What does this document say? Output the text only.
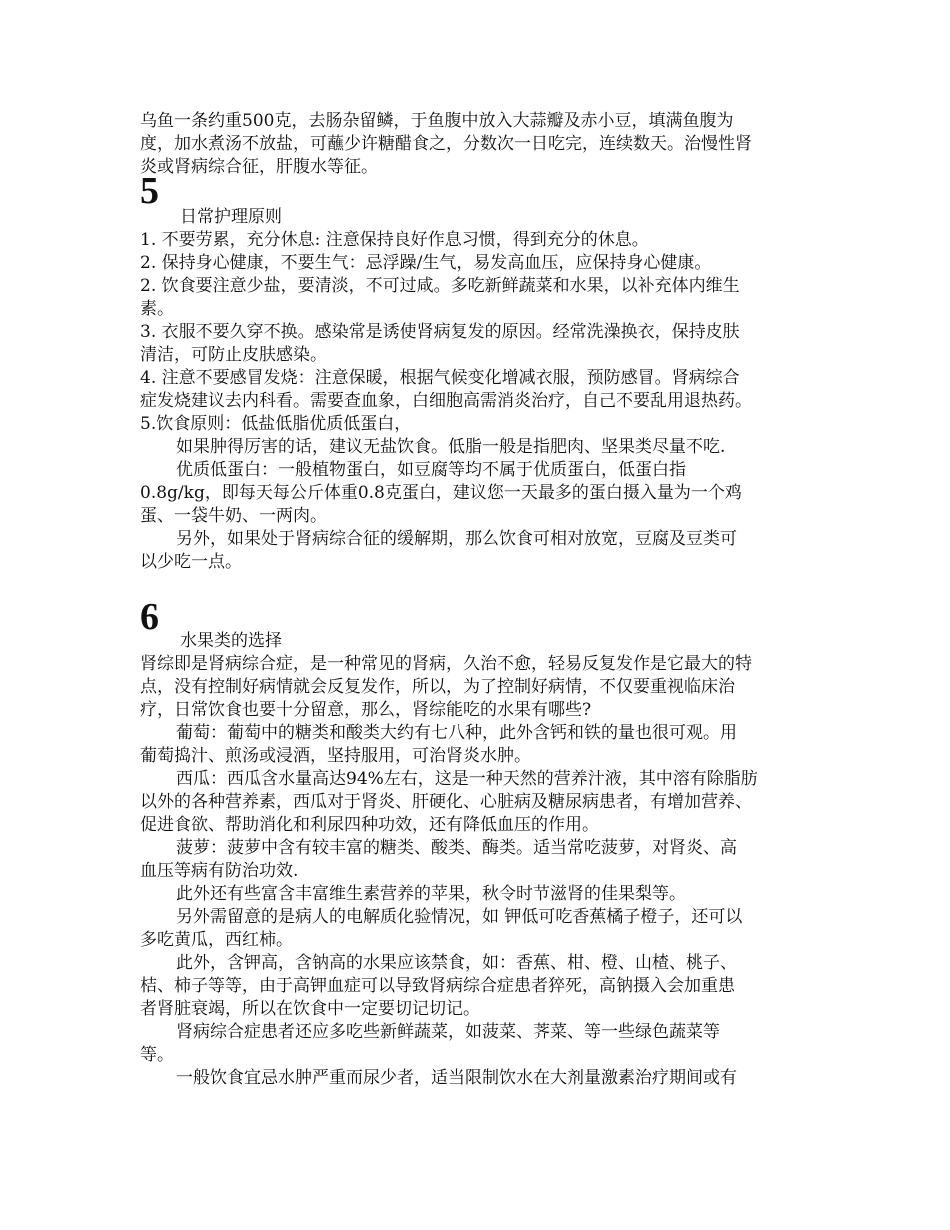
乌鱼一条约重500克，去肠杂留鳞，于鱼腹中放入大蒜瓣及赤小豆，填满鱼腹为

度，加水煮汤不放盐，可蘸少许糖醋食之，分数次一日吃完，连续数天。治慢性肾

炎或肾病综合征，肝腹水等征。

5

日常护理原则

1. 不要劳累，充分休息: 注意保持良好作息习惯，得到充分的休息。

2. 保持身心健康，不要生气：忌浮躁/生气，易发高血压，应保持身心健康。

2. 饮食要注意少盐，要清淡，不可过咸。多吃新鲜蔬菜和水果，以补充体内维生

素。

3. 衣服不要久穿不换。感染常是诱使肾病复发的原因。经常洗澡换衣，保持皮肤

清洁，可防止皮肤感染。

4. 注意不要感冒发烧：注意保暖，根据气候变化增减衣服，预防感冒。肾病综合

症发烧建议去内科看。需要查血象，白细胞高需消炎治疗，自己不要乱用退热药。

5.饮食原则：低盐低脂优质低蛋白，

如果肿得厉害的话，建议无盐饮食。低脂一般是指肥肉、坚果类尽量不吃.

优质低蛋白：一般植物蛋白，如豆腐等均不属于优质蛋白，低蛋白指

0.8g/kg，即每天每公斤体重0.8克蛋白，建议您一天最多的蛋白摄入量为一个鸡

蛋、一袋牛奶、一两肉。

另外，如果处于肾病综合征的缓解期，那么饮食可相对放宽，豆腐及豆类可

以少吃一点。

6

水果类的选择

肾综即是肾病综合症，是一种常见的肾病，久治不愈，轻易反复发作是它最大的特

点，没有控制好病情就会反复发作，所以，为了控制好病情，不仅要重视临床治

疗，日常饮食也要十分留意，那么，肾综能吃的水果有哪些?

葡萄：葡萄中的糖类和酸类大约有七八种，此外含钙和铁的量也很可观。用

葡萄捣汁、煎汤或浸酒，坚持服用，可治肾炎水肿。

西瓜：西瓜含水量高达94%左右，这是一种天然的营养汁液，其中溶有除脂肪

以外的各种营养素，西瓜对于肾炎、肝硬化、心脏病及糖尿病患者，有增加营养、

促进食欲、帮助消化和利尿四种功效，还有降低血压的作用。

菠萝：菠萝中含有较丰富的糖类、酸类、酶类。适当常吃菠萝，对肾炎、高

血压等病有防治功效.

此外还有些富含丰富维生素营养的苹果，秋令时节滋肾的佳果梨等。

另外需留意的是病人的电解质化验情况，如 钾低可吃香蕉橘子橙子，还可以

多吃黄瓜，西红柿。

此外，含钾高，含钠高的水果应该禁食，如：香蕉、柑、橙、山楂、桃子、

桔、柿子等等，由于高钾血症可以导致肾病综合症患者猝死，高钠摄入会加重患

者肾脏衰竭，所以在饮食中一定要切记切记。

肾病综合症患者还应多吃些新鲜蔬菜，如菠菜、荠菜、等一些绿色蔬菜等

等。

一般饮食宜忌水肿严重而尿少者，适当限制饮水在大剂量激素治疗期间或有
